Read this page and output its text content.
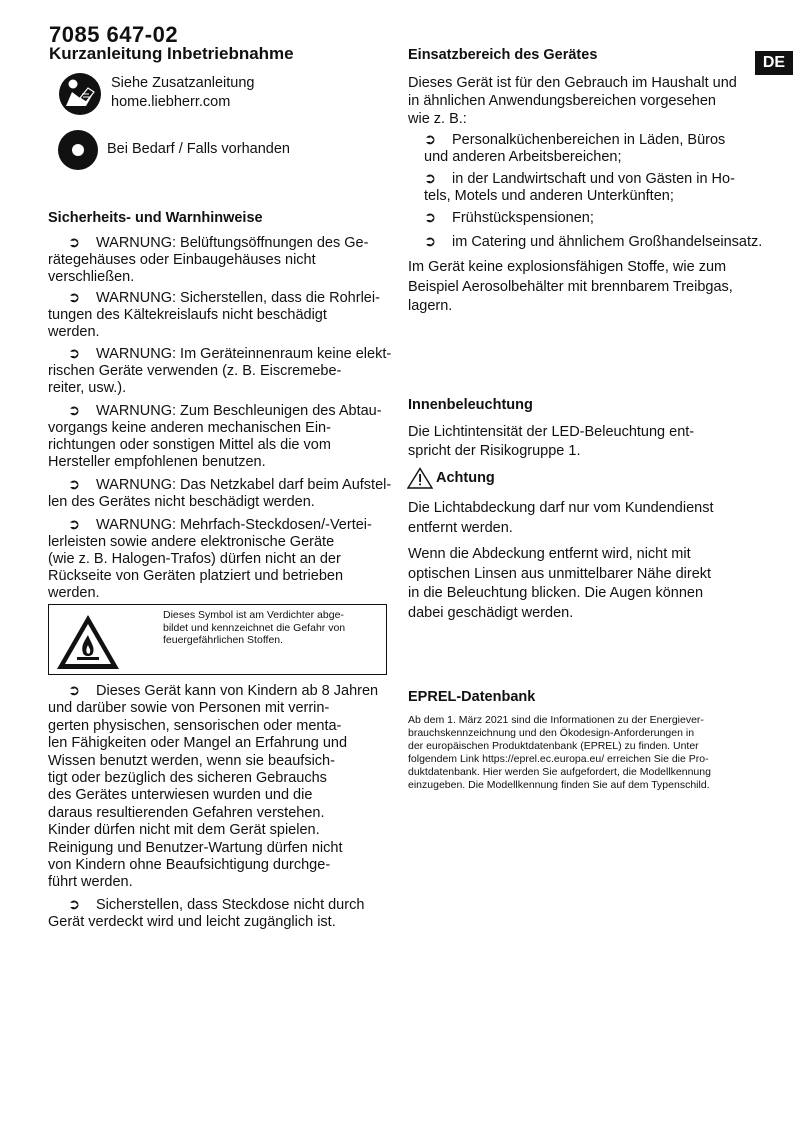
7085 647-02
Kurzanleitung Inbetriebnahme	DE
Siehe Zusatzanleitung
home.liebherr.com
Bei Bedarf / Falls vorhanden
Sicherheits- und Warnhinweise
➲ WARNUNG: Belüftungsöffnungen des Ge-
rätegehäuses oder Einbaugehäuses nicht
verschließen.
➲ WARNUNG: Sicherstellen, dass die Rohrlei-
tungen des Kältekreislaufs nicht beschädigt
werden.
➲ WARNUNG: Im Geräteinnenraum keine elekt-
rischen Geräte verwenden (z. B. Eiscremebe-
reiter, usw.).
➲ WARNUNG: Zum Beschleunigen des Abtau-
vorgangs keine anderen mechanischen Ein-
richtungen oder sonstigen Mittel als die vom
Hersteller empfohlenen benutzen.
➲ WARNUNG: Das Netzkabel darf beim Aufstel-
len des Gerätes nicht beschädigt werden.
➲ WARNUNG: Mehrfach-Steckdosen/-Vertei-
lerleisten sowie andere elektronische Geräte
(wie z. B. Halogen-Trafos) dürfen nicht an der
Rückseite von Geräten platziert und betrieben
werden.
Dieses Symbol ist am Verdichter abge-
bildet und kennzeichnet die Gefahr von
feuergefährlichen Stoffen.
➲ Dieses Gerät kann von Kindern ab 8 Jahren
und darüber sowie von Personen mit verrin-
gerten physischen, sensorischen oder menta-
len Fähigkeiten oder Mangel an Erfahrung und
Wissen benutzt werden, wenn sie beaufsich-
tigt oder bezüglich des sicheren Gebrauchs
des Gerätes unterwiesen wurden und die
daraus resultierenden Gefahren verstehen.
Kinder dürfen nicht mit dem Gerät spielen.
Reinigung und Benutzer-Wartung dürfen nicht
von Kindern ohne Beaufsichtigung durchge-
führt werden.
➲ Sicherstellen, dass Steckdose nicht durch
Gerät verdeckt wird und leicht zugänglich ist.
Einsatzbereich des Gerätes
Dieses Gerät ist für den Gebrauch im Haushalt und
in ähnlichen Anwendungsbereichen vorgesehen
wie z. B.:
➲ Personalküchenbereichen in Läden, Büros
und anderen Arbeitsbereichen;
➲ in der Landwirtschaft und von Gästen in Ho-
tels, Motels und anderen Unterkünften;
➲ Frühstückspensionen;
➲ im Catering und ähnlichem Großhandelseinsatz.
Im Gerät keine explosionsfähigen Stoffe, wie zum
Beispiel Aerosolbehälter mit brennbarem Treibgas,
lagern.
Innenbeleuchtung
Die Lichtintensität der LED-Beleuchtung ent-
spricht der Risikogruppe 1.
Achtung
Die Lichtabdeckung darf nur vom Kundendienst
entfernt werden.
Wenn die Abdeckung entfernt wird, nicht mit
optischen Linsen aus unmittelbarer Nähe direkt
in die Beleuchtung blicken. Die Augen können
dabei geschädigt werden.
EPREL-Datenbank
Ab dem 1. März 2021 sind die Informationen zu der Energiever-
brauchskennzeichnung und den Ökodesign-Anforderungen in
der europäischen Produktdatenbank (EPREL) zu finden. Unter
folgendem Link https://eprel.ec.europa.eu/ erreichen Sie die Pro-
duktdatenbank. Hier werden Sie aufgefordert, die Modellkennung
einzugeben. Die Modellkennung finden Sie auf dem Typenschild.
